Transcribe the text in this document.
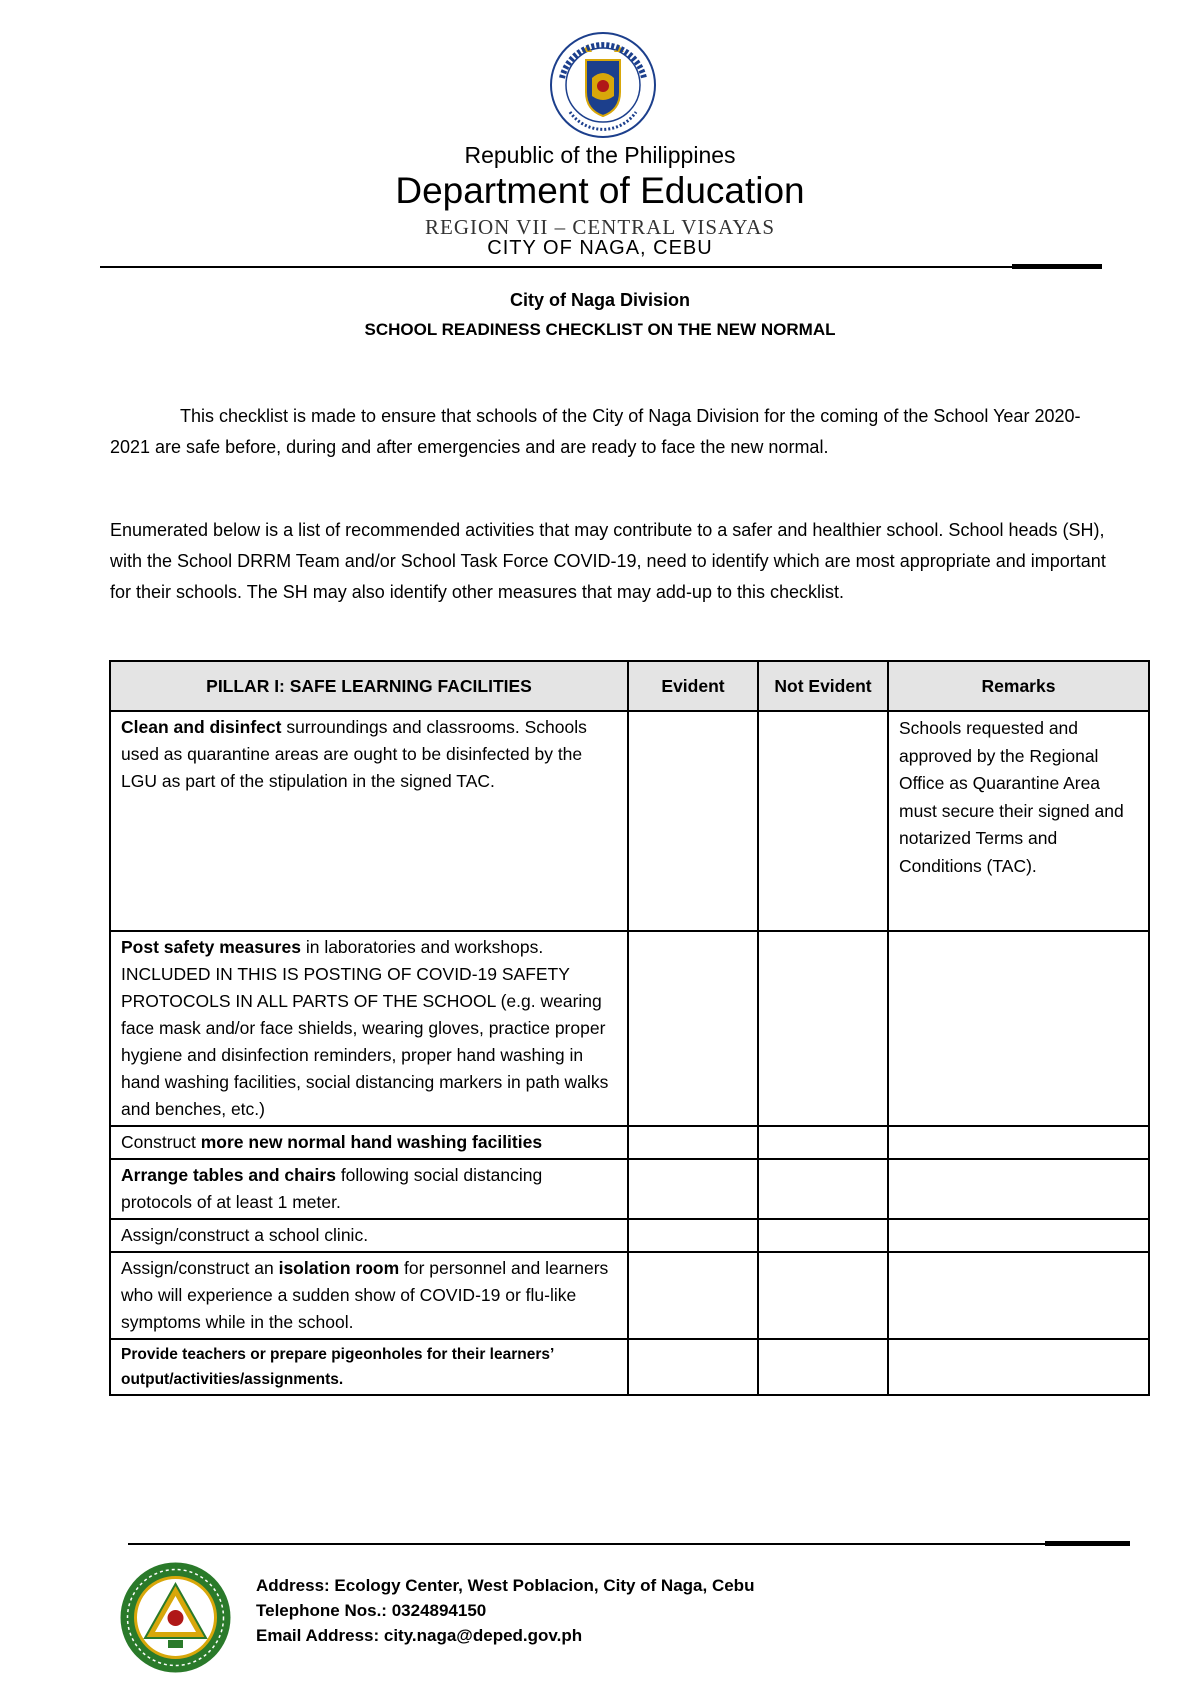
Republic of the Philippines
Department of Education
REGION VII – CENTRAL VISAYAS
CITY OF NAGA, CEBU
City of Naga Division
SCHOOL READINESS CHECKLIST ON THE NEW NORMAL
This checklist is made to ensure that schools of the City of Naga Division for the coming of the School Year 2020-2021 are safe before, during and after emergencies and are ready to face the new normal.
Enumerated below is a list of recommended activities that may contribute to a safer and healthier school. School heads (SH), with the School DRRM Team and/or School Task Force COVID-19, need to identify which are most appropriate and important for their schools. The SH may also identify other measures that may add-up to this checklist.
PILLAR I: SAFE LEARNING FACILITIES	Evident	Not Evident	Remarks
Clean and disinfect surroundings and classrooms. Schools used as quarantine areas are ought to be disinfected by the LGU as part of the stipulation in the signed TAC.			Schools requested and approved by the Regional Office as Quarantine Area must secure their signed and notarized Terms and Conditions (TAC).
Post safety measures in laboratories and workshops. INCLUDED IN THIS IS POSTING OF COVID-19 SAFETY PROTOCOLS IN ALL PARTS OF THE SCHOOL (e.g. wearing face mask and/or face shields, wearing gloves, practice proper hygiene and disinfection reminders, proper hand washing in hand washing facilities, social distancing markers in path walks and benches, etc.)			
Construct more new normal hand washing facilities			
Arrange tables and chairs following social distancing protocols of at least 1 meter.			
Assign/construct a school clinic.			
Assign/construct an isolation room for personnel and learners who will experience a sudden show of COVID-19 or flu-like symptoms while in the school.			
Provide teachers or prepare pigeonholes for their learners’ output/activities/assignments.			
Address: Ecology Center, West Poblacion, City of Naga, Cebu
Telephone Nos.: 0324894150
Email Address: city.naga@deped.gov.ph
